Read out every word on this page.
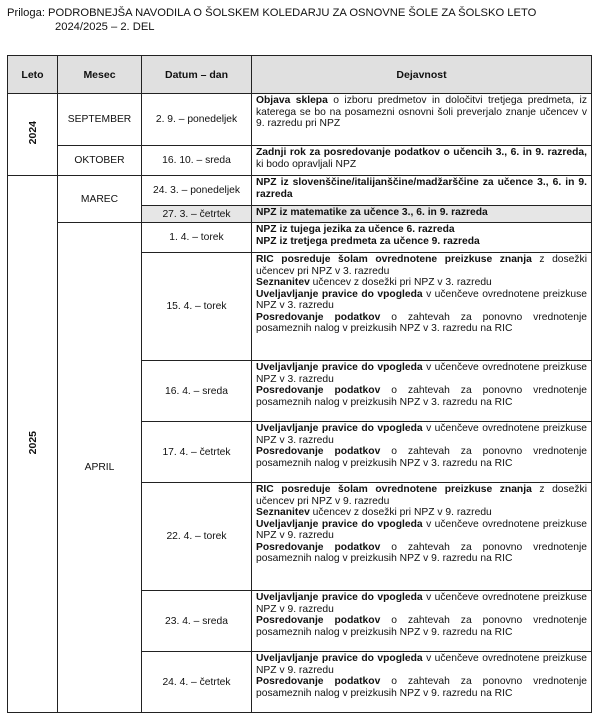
Priloga: PODROBNEJŠA NAVODILA O ŠOLSKEM KOLEDARJU ZA OSNOVNE ŠOLE ZA ŠOLSKO LETO
2024/2025 – 2. DEL
Leto	Mesec	Datum – dan	Dejavnost
2024	SEPTEMBER	2. 9. – ponedeljek	Objava sklepa o izboru predmetov in določitvi tretjega predmeta, iz katerega se bo na posamezni osnovni šoli preverjalo znanje učencev v 9. razredu pri NPZ

	OKTOBER	16. 10. – sreda	Zadnji rok za posredovanje podatkov o učencih 3., 6. in 9. razreda, ki bodo opravljali NPZ

2025	MAREC	24. 3. – ponedeljek	NPZ iz slovenščine/italijanščine/madžarščine za učence 3., 6. in 9. razreda

		27. 3. – četrtek	NPZ iz matematike za učence 3., 6. in 9. razreda
	APRIL	1. 4. – torek	NPZ iz tujega jezika za učence 6. razreda
NPZ iz tretjega predmeta za učence 9. razreda
		15. 4. – torek	RIC posreduje šolam ovrednotene preizkuse znanja z dosežki učencev pri NPZ v 3. razredu
Seznanitev učencev z dosežki pri NPZ v 3. razredu
Uveljavljanje pravice do vpogleda v učenčeve ovrednotene preizkuse NPZ v 3. razredu
Posredovanje podatkov o zahtevah za ponovno vrednotenje posameznih nalog v preizkusih NPZ v 3. razredu na RIC

		16. 4. – sreda	Uveljavljanje pravice do vpogleda v učenčeve ovrednotene preizkuse NPZ v 3. razredu
Posredovanje podatkov o zahtevah za ponovno vrednotenje posameznih nalog v preizkusih NPZ v 3. razredu na RIC

		17. 4. – četrtek	Uveljavljanje pravice do vpogleda v učenčeve ovrednotene preizkuse NPZ v 3. razredu
Posredovanje podatkov o zahtevah za ponovno vrednotenje posameznih nalog v preizkusih NPZ v 3. razredu na RIC

		22. 4. – torek	RIC posreduje šolam ovrednotene preizkuse znanja z dosežki učencev pri NPZ v 9. razredu
Seznanitev učencev z dosežki pri NPZ v 9. razredu
Uveljavljanje pravice do vpogleda v učenčeve ovrednotene preizkuse NPZ v 9. razredu
Posredovanje podatkov o zahtevah za ponovno vrednotenje posameznih nalog v preizkusih NPZ v 9. razredu na RIC

		23. 4. – sreda	Uveljavljanje pravice do vpogleda v učenčeve ovrednotene preizkuse NPZ v 9. razredu
Posredovanje podatkov o zahtevah za ponovno vrednotenje posameznih nalog v preizkusih NPZ v 9. razredu na RIC

		24. 4. – četrtek	Uveljavljanje pravice do vpogleda v učenčeve ovrednotene preizkuse NPZ v 9. razredu
Posredovanje podatkov o zahtevah za ponovno vrednotenje posameznih nalog v preizkusih NPZ v 9. razredu na RIC
